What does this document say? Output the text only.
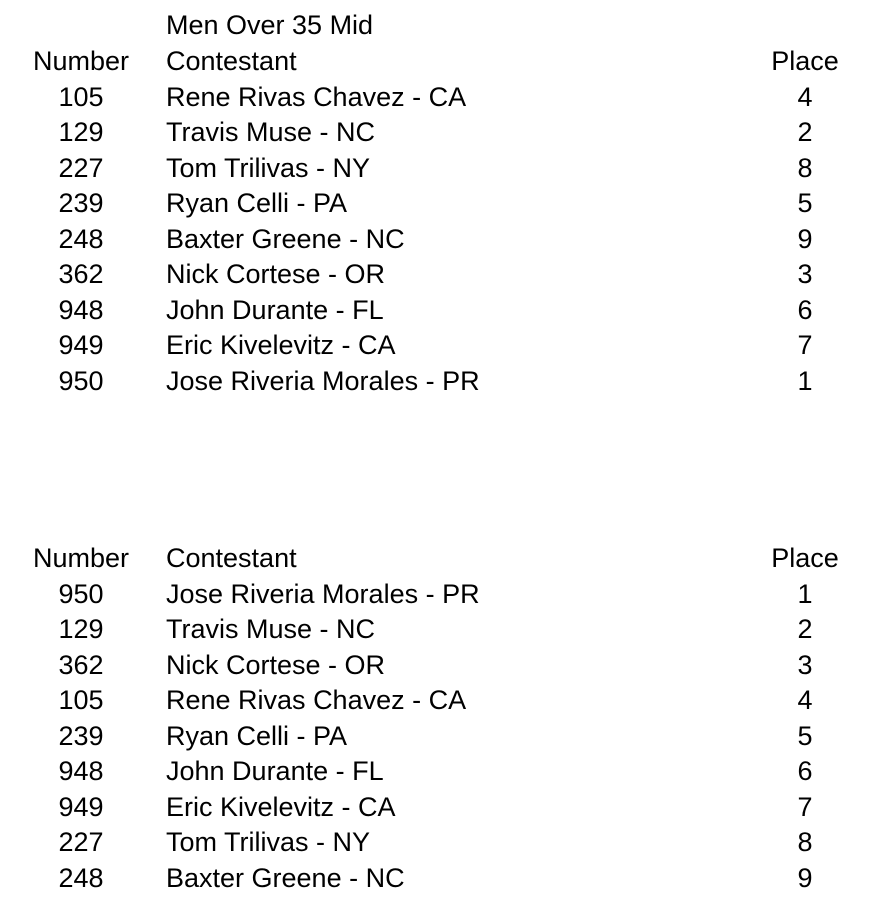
Men Over 35 Mid
Number	Contestant	Place
105	Rene Rivas Chavez - CA	4
129	Travis Muse - NC	2
227	Tom Trilivas - NY	8
239	Ryan Celli - PA	5
248	Baxter Greene - NC	9
362	Nick Cortese - OR	3
948	John Durante - FL	6
949	Eric Kivelevitz - CA	7
950	Jose Riveria Morales - PR	1
Number	Contestant	Place
950	Jose Riveria Morales - PR	1
129	Travis Muse - NC	2
362	Nick Cortese - OR	3
105	Rene Rivas Chavez - CA	4
239	Ryan Celli - PA	5
948	John Durante - FL	6
949	Eric Kivelevitz - CA	7
227	Tom Trilivas - NY	8
248	Baxter Greene - NC	9
